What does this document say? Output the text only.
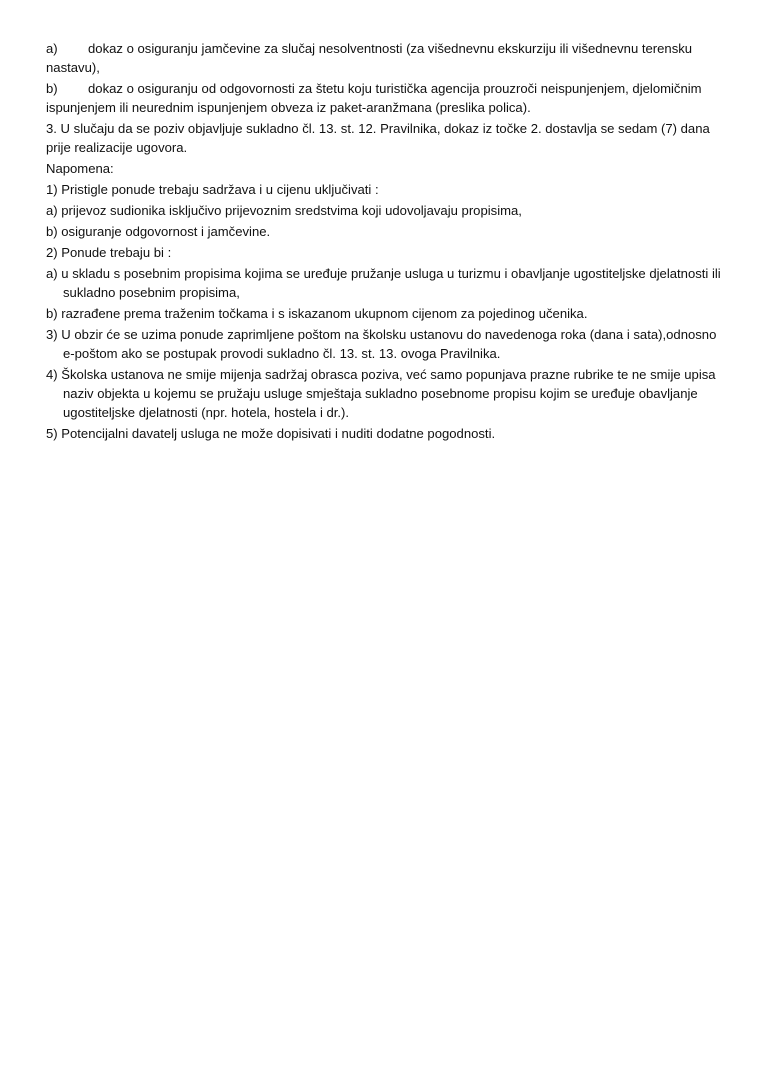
a) dokaz o osiguranju jamčevine za slučaj nesolventnosti (za višednevnu ekskurziju ili višednevnu terensku nastavu),
b) dokaz o osiguranju od odgovornosti za štetu koju turistička agencija prouzroči neispunjenjem, djelomičnim ispunjenjem ili neurednim ispunjenjem obveza iz paket-aranžmana (preslika polica).

3. U slučaju da se poziv objavljuje sukladno čl. 13. st. 12. Pravilnika, dokaz iz točke 2. dostavlja se sedam (7) dana prije realizacije ugovora.

Napomena:

1) Pristigle ponude trebaju sadržava i u cijenu uključivati :
a) prijevoz sudionika isključivo prijevoznim sredstvima koji udovoljavaju propisima,
b) osiguranje odgovornost i jamčevine.
2) Ponude trebaju bi :
a) u skladu s posebnim propisima kojima se uređuje pružanje usluga u turizmu i obavljanje ugostiteljske djelatnosti ili sukladno posebnim propisima,
b) razrađene prema traženim točkama i s iskazanom ukupnom cijenom za pojedinog učenika.
3) U obzir će se uzima ponude zaprimljene poštom na školsku ustanovu do navedenoga roka (dana i sata),odnosno e-poštom ako se postupak provodi sukladno čl. 13. st. 13. ovoga Pravilnika.
4) Školska ustanova ne smije mijenja sadržaj obrasca poziva, već samo popunjava prazne rubrike te ne smije upisa naziv objekta u kojemu se pružaju usluge smještaja sukladno posebnome propisu kojim se uređuje obavljanje ugostiteljske djelatnosti (npr. hotela, hostela i dr.).
5) Potencijalni davatelj usluga ne može dopisivati i nuditi dodatne pogodnosti.
